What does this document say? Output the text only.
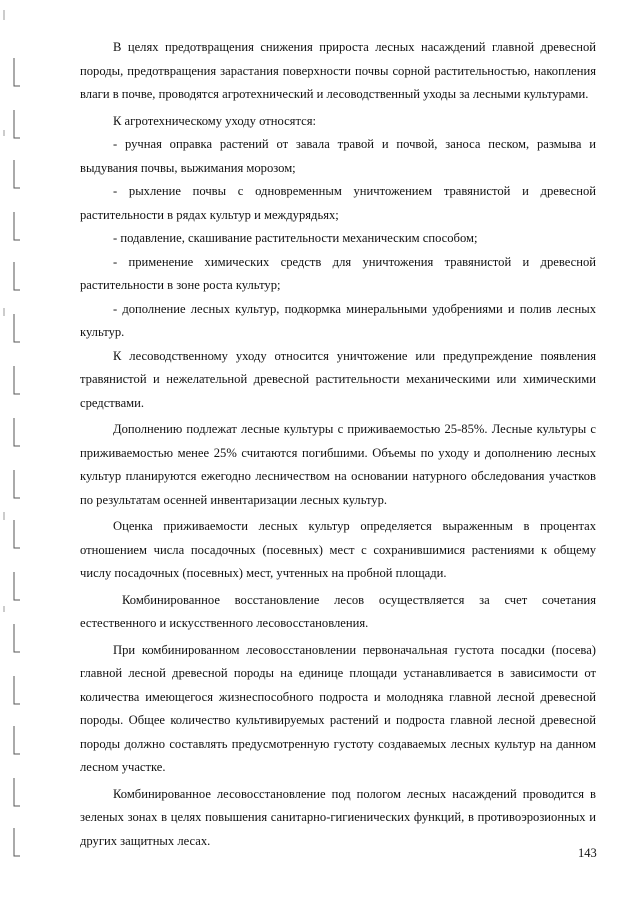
В целях предотвращения снижения прироста лесных насаждений главной древесной породы, предотвращения зарастания поверхности почвы сорной растительностью, накопления влаги в почве, проводятся агротехнический и лесоводственный уходы за лесными культурами.

К агротехническому уходу относятся:

- ручная оправка растений от завала травой и почвой, заноса песком, размыва и выдувания почвы, выжимания морозом;

- рыхление почвы с одновременным уничтожением травянистой и древесной растительности в рядах культур и междурядьях;

- подавление, скашивание растительности механическим способом;

- применение химических средств для уничтожения травянистой и древесной растительности в зоне роста культур;

- дополнение лесных культур, подкормка минеральными удобрениями и полив лесных культур.

К лесоводственному уходу относится уничтожение или предупреждение появления травянистой и нежелательной древесной растительности механическими или химическими средствами.

Дополнению подлежат лесные культуры с приживаемостью 25-85%. Лесные культуры с приживаемостью менее 25% считаются погибшими. Объемы по уходу и дополнению лесных культур планируются ежегодно лесничеством на основании натурного обследования участков по результатам осенней инвентаризации лесных культур.

Оценка приживаемости лесных культур определяется выраженным в процентах отношением числа посадочных (посевных) мест с сохранившимися растениями к общему числу посадочных (посевных) мест, учтенных на пробной площади.

Комбинированное восстановление лесов осуществляется за счет сочетания естественного и искусственного лесовосстановления.

При комбинированном лесовосстановлении первоначальная густота посадки (посева) главной лесной древесной породы на единице площади устанавливается в зависимости от количества имеющегося жизнеспособного подроста и молодняка главной лесной древесной породы. Общее количество культивируемых растений и подроста главной лесной древесной породы должно составлять предусмотренную густоту создаваемых лесных культур на данном лесном участке.

Комбинированное лесовосстановление под пологом лесных насаждений проводится в зеленых зонах в целях повышения санитарно-гигиенических функций, в противоэрозионных и других защитных лесах.

143
